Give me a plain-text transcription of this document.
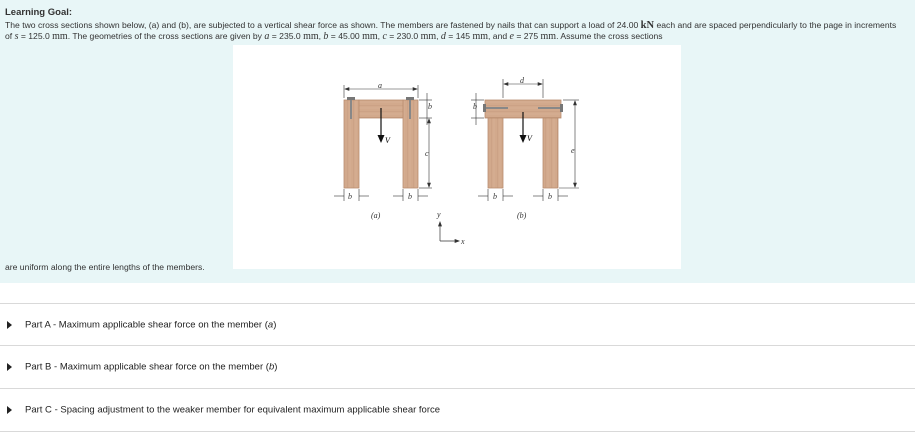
Learning Goal:
The two cross sections shown below, (a) and (b), are subjected to a vertical shear force as shown. The members are fastened by nails that can support a load of 24.00 kN each and are spaced perpendicularly to the page in increments of s = 125.0 mm. The geometries of the cross sections are given by a = 235.0 mm, b = 45.00 mm, c = 230.0 mm, d = 145 mm, and e = 275 mm. Assume the cross sections
V
a
b
c
b	b
(a)
V
d
b
e
b	b
(b)
y
x
are uniform along the entire lengths of the members.
Part A - Maximum applicable shear force on the member (a)
Part B - Maximum applicable shear force on the member (b)
Part C - Spacing adjustment to the weaker member for equivalent maximum applicable shear force
